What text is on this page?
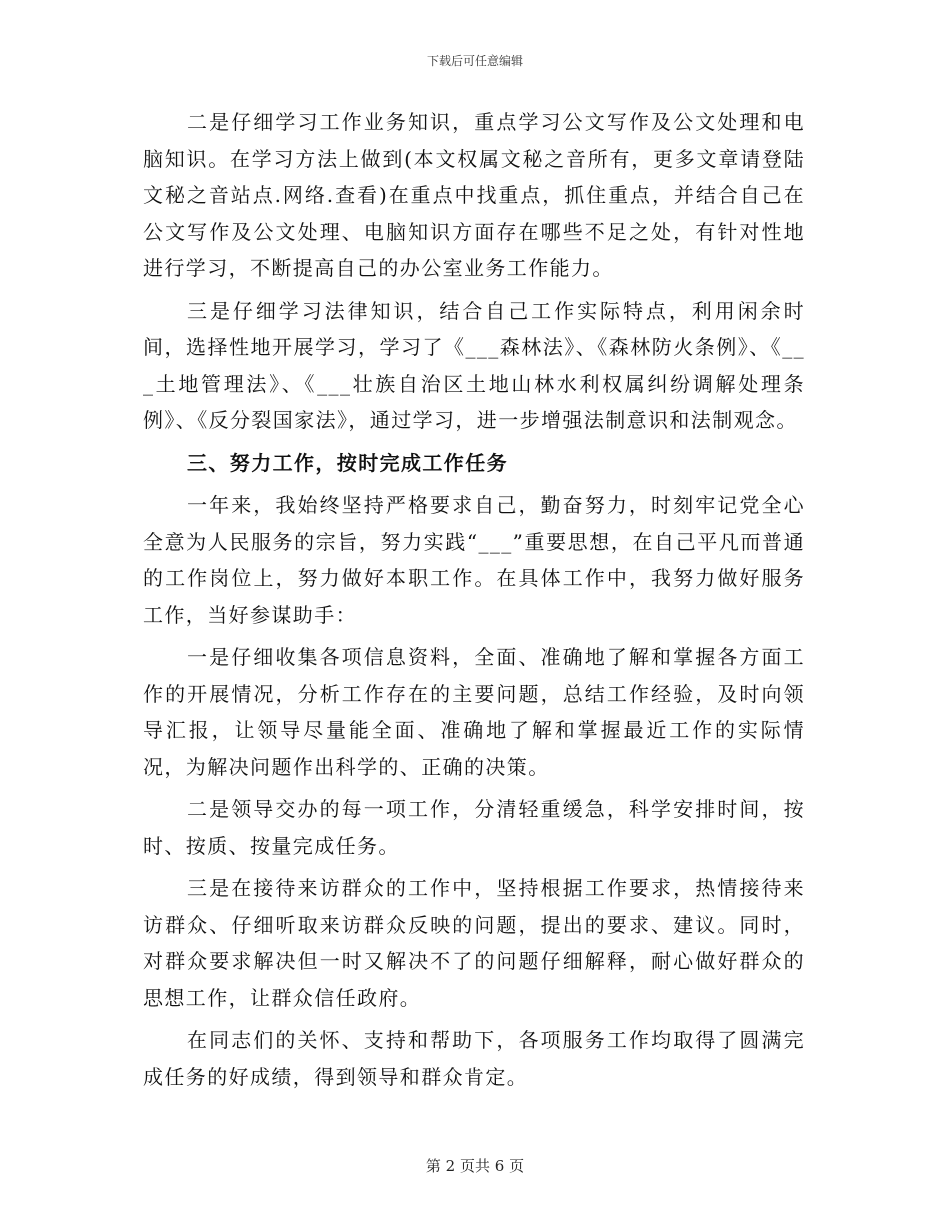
下载后可任意编辑

二是仔细学习工作业务知识，重点学习公文写作及公文处理和电脑知识。在学习方法上做到(本文权属文秘之音所有，更多文章请登陆文秘之音站点.网络.查看)在重点中找重点，抓住重点，并结合自己在公文写作及公文处理、电脑知识方面存在哪些不足之处，有针对性地进行学习，不断提高自己的办公室业务工作能力。

三是仔细学习法律知识，结合自己工作实际特点，利用闲余时间，选择性地开展学习，学习了《___森林法》、《森林防火条例》、《___土地管理法》、《___壮族自治区土地山林水利权属纠纷调解处理条例》、《反分裂国家法》，通过学习，进一步增强法制意识和法制观念。

三、努力工作，按时完成工作任务

一年来，我始终坚持严格要求自己，勤奋努力，时刻牢记党全心全意为人民服务的宗旨，努力实践“___”重要思想，在自己平凡而普通的工作岗位上，努力做好本职工作。在具体工作中，我努力做好服务工作，当好参谋助手：

一是仔细收集各项信息资料，全面、准确地了解和掌握各方面工作的开展情况，分析工作存在的主要问题，总结工作经验，及时向领导汇报，让领导尽量能全面、准确地了解和掌握最近工作的实际情况，为解决问题作出科学的、正确的决策。

二是领导交办的每一项工作，分清轻重缓急，科学安排时间，按时、按质、按量完成任务。

三是在接待来访群众的工作中，坚持根据工作要求，热情接待来访群众、仔细听取来访群众反映的问题，提出的要求、建议。同时，对群众要求解决但一时又解决不了的问题仔细解释，耐心做好群众的思想工作，让群众信任政府。

在同志们的关怀、支持和帮助下，各项服务工作均取得了圆满完成任务的好成绩，得到领导和群众肯定。

第 2 页共 6 页
